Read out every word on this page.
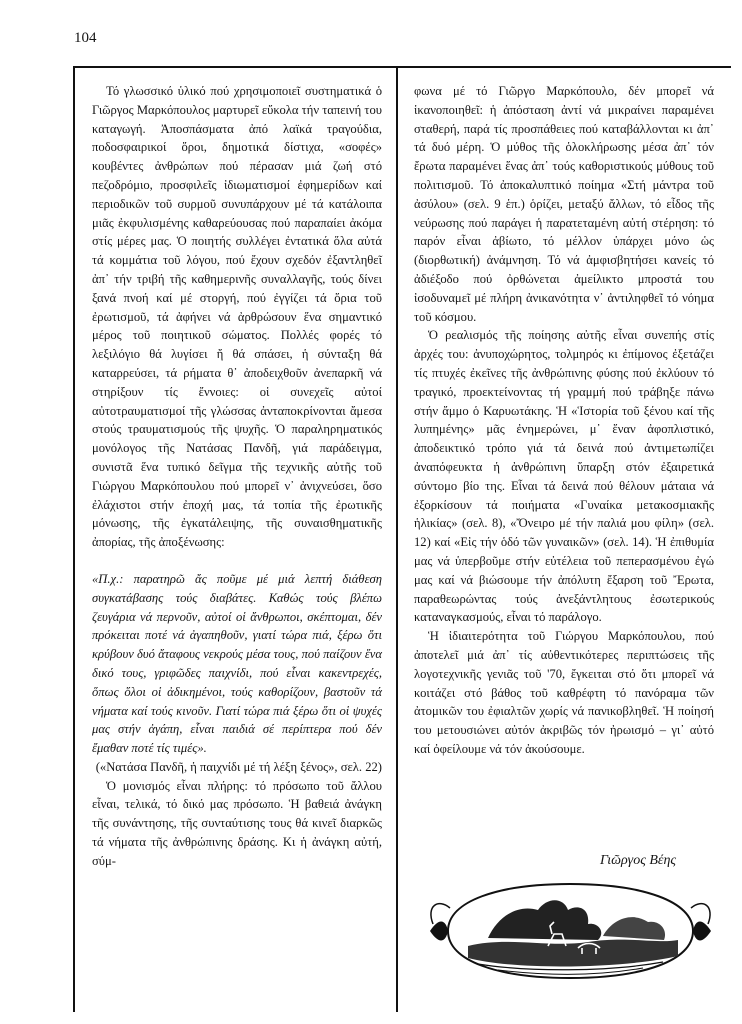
104

Τό γλωσσικό ὑλικό πού χρησιμοποιεῖ συστηματικά ὁ Γιῶργος Μαρκόπουλος μαρτυρεῖ εὔκολα τήν ταπεινή του καταγωγή. Ἀποσπάσματα ἀπό λαϊκά τραγούδια, ποδοσφαιρικοί ὅροι, δημοτικά δίστιχα, «σοφές» κουβέντες ἀνθρώπων πού πέρασαν μιά ζωή στό πεζοδρόμιο, προσφιλεῖς ἰδιωματισμοί ἐφημερίδων καί περιοδικῶν τοῦ συρμοῦ συνυπάρχουν μέ τά κατάλοιπα μιᾶς ἐκφυλισμένης καθαρεύουσας πού παραπαίει ἀκόμα στίς μέρες μας. Ὁ ποιητής συλλέγει ἐντατικά ὅλα αὐτά τά κομμάτια τοῦ λόγου, πού ἔχουν σχεδόν ἐξαντληθεῖ ἀπ᾽ τήν τριβή τῆς καθημερινῆς συναλλαγῆς, τούς δίνει ξανά πνοή καί μέ στοργή, πού ἐγγίζει τά ὅρια τοῦ ἐρωτισμοῦ, τά ἀφήνει νά ἀρθρώσουν ἕνα σημαντικό μέρος τοῦ ποιητικοῦ σώματος. Πολλές φορές τό λεξιλόγιο θά λυγίσει ἤ θά σπάσει, ἡ σύνταξη θά καταρρεύσει, τά ρήματα θ᾽ ἀποδειχθοῦν ἀνεπαρκῆ νά στηρίξουν τίς ἔννοιες: οἱ συνεχεῖς αὐτοί αὐτοτραυματισμοί τῆς γλώσσας ἀνταποκρίνονται ἄμεσα στούς τραυματισμούς τῆς ψυχῆς. Ὁ παραληρηματικός μονόλογος τῆς Νατάσας Πανδῆ, γιά παράδειγμα, συνιστᾶ ἕνα τυπικό δεῖγμα τῆς τεχνικῆς αὐτῆς τοῦ Γιώργου Μαρκόπουλου πού μπορεῖ ν᾽ ἀνιχνεύσει, ὅσο ἐλάχιστοι στήν ἐποχή μας, τά τοπία τῆς ἐρωτικῆς μόνωσης, τῆς ἐγκατάλειψης, τῆς συναισθηματικῆς ἀπορίας, τῆς ἀποξένωσης:

«Π.χ.: παρατηρῶ ἄς ποῦμε μέ μιά λεπτή διάθεση συγκατάβασης τούς διαβάτες. Καθώς τούς βλέπω ζευγάρια νά περνοῦν, αὐτοί οἱ ἄνθρωποι, σκέπτομαι, δέν πρόκειται ποτέ νά ἀγαπηθοῦν, γιατί τώρα πιά, ξέρω ὅτι κρύβουν δυό ἄταφους νεκρούς μέσα τους, πού παίζουν ἕνα δικό τους, γριφῶδες παιχνίδι, πού εἶναι κακεντρεχές, ὅπως ὅλοι οἱ ἀδικημένοι, τούς καθορίζουν, βαστοῦν τά νήματα καί τούς κινοῦν. Γιατί τώρα πιά ξέρω ὅτι οἱ ψυχές μας στήν ἀγάπη, εἶναι παιδιά σέ περίπτερα πού δέν ἔμαθαν ποτέ τίς τιμές».

(«Νατάσα Πανδῆ, ἡ παιχνίδι μέ τή λέξη ξένος», σελ. 22)

Ὁ μονισμός εἶναι πλήρης: τό πρόσωπο τοῦ ἄλλου εἶναι, τελικά, τό δικό μας πρόσωπο. Ἡ βαθειά ἀνάγκη τῆς συνάντησης, τῆς συνταύτισης τους θά κινεῖ διαρκῶς τά νήματα τῆς ἀνθρώπινης δράσης. Κι ἡ ἀνάγκη αὐτή, σύμ-

φωνα μέ τό Γιῶργο Μαρκόπουλο, δέν μπορεῖ νά ἱκανοποιηθεῖ: ἡ ἀπόσταση ἀντί νά μικραίνει παραμένει σταθερή, παρά τίς προσπάθειες πού καταβάλλονται κι ἀπ᾽ τά δυό μέρη. Ὁ μύθος τῆς ὁλοκλήρωσης μέσα ἀπ᾽ τόν ἔρωτα παραμένει ἕνας ἀπ᾽ τούς καθοριστικούς μύθους τοῦ πολιτισμοῦ. Τό ἀποκαλυπτικό ποίημα «Στή μάντρα τοῦ ἀσύλου» (σελ. 9 ἑπ.) ὁρίζει, μεταξύ ἄλλων, τό εἶδος τῆς νεύρωσης πού παράγει ἡ παρατεταμένη αὐτή στέρηση: τό παρόν εἶναι ἀβίωτο, τό μέλλον ὑπάρχει μόνο ὡς (διορθωτική) ἀνάμνηση. Τό νά ἀμφισβητήσει κανείς τό ἀδιέξοδο πού ὀρθώνεται ἀμείλικτο μπροστά του ἰσοδυναμεῖ μέ πλήρη ἀνικανότητα ν᾽ ἀντιληφθεῖ τό νόημα τοῦ κόσμου.

Ὁ ρεαλισμός τῆς ποίησης αὐτῆς εἶναι συνεπής στίς ἀρχές του: ἀνυποχώρητος, τολμηρός κι ἐπίμονος ἐξετάζει τίς πτυχές ἐκεῖνες τῆς ἀνθρώπινης φύσης πού ἐκλύουν τό τραγικό, προεκτείνοντας τή γραμμή πού τράβηξε πάνω στήν ἄμμο ὁ Καρυωτάκης. Ἡ «Ἱστορία τοῦ ξένου καί τῆς λυπημένης» μᾶς ἐνημερώνει, μ᾽ ἕναν ἀφοπλιστικό, ἀποδεικτικό τρόπο γιά τά δεινά πού ἀντιμετωπίζει ἀναπόφευκτα ἡ ἀνθρώπινη ὕπαρξη στόν ἐξαιρετικά σύντομο βίο της. Εἶναι τά δεινά πού θέλουν μάταια νά ἐξορκίσουν τά ποιήματα «Γυναίκα μετακοσμιακῆς ἡλικίας» (σελ. 8), «Ὄνειρο μέ τήν παλιά μου φίλη» (σελ. 12) καί «Εἰς τήν ὁδό τῶν γυναικῶν» (σελ. 14). Ἡ ἐπιθυμία μας νά ὑπερβοῦμε στήν εὐτέλεια τοῦ πεπερασμένου ἐγώ μας καί νά βιώσουμε τήν ἀπόλυτη ἔξαρση τοῦ Ἔρωτα, παραθεωρώντας τούς ἀνεξάντλητους ἐσωτερικούς καταναγκασμούς, εἶναι τό παράλογο.

Ἡ ἰδιαιτερότητα τοῦ Γιώργου Μαρκόπουλου, πού ἀποτελεῖ μιά ἀπ᾽ τίς αὐθεντικότερες περιπτώσεις τῆς λογοτεχνικῆς γενιᾶς τοῦ '70, ἔγκειται στό ὅτι μπορεῖ νά κοιτάζει στό βάθος τοῦ καθρέφτη τό πανόραμα τῶν ἀτομικῶν του ἐφιαλτῶν χωρίς νά πανικοβληθεῖ. Ἡ ποίησή του μετουσιώνει αὐτόν ἀκριβῶς τόν ἠρωισμό – γι᾽ αὐτό καί ὀφείλουμε νά τόν ἀκούσουμε.

Γιῶργος Βέης
